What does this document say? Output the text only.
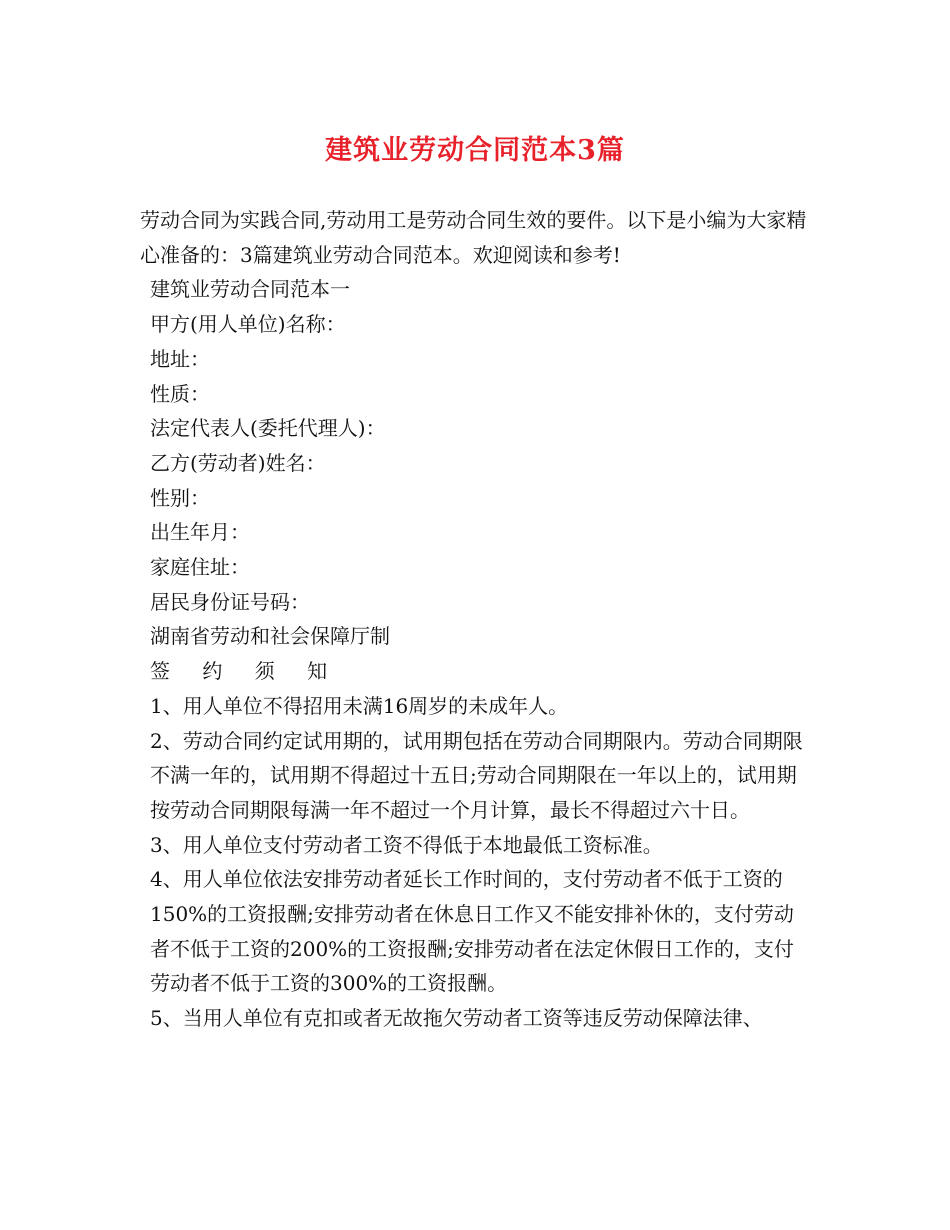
建筑业劳动合同范本3篇

劳动合同为实践合同,劳动用工是劳动合同生效的要件。以下是小编为大家精心准备的：3篇建筑业劳动合同范本。欢迎阅读和参考!

建筑业劳动合同范本一

甲方(用人单位)名称：

地址：

性质：

法定代表人(委托代理人)：

乙方(劳动者)姓名：

性别：

出生年月：

家庭住址：

居民身份证号码：

湖南省劳动和社会保障厅制

签 约 须 知

1、用人单位不得招用未满16周岁的未成年人。

2、劳动合同约定试用期的，试用期包括在劳动合同期限内。劳动合同期限不满一年的，试用期不得超过十五日;劳动合同期限在一年以上的，试用期按劳动合同期限每满一年不超过一个月计算，最长不得超过六十日。

3、用人单位支付劳动者工资不得低于本地最低工资标准。

4、用人单位依法安排劳动者延长工作时间的，支付劳动者不低于工资的150%的工资报酬;安排劳动者在休息日工作又不能安排补休的，支付劳动者不低于工资的200%的工资报酬;安排劳动者在法定休假日工作的，支付劳动者不低于工资的300%的工资报酬。

5、当用人单位有克扣或者无故拖欠劳动者工资等违反劳动保障法律、
